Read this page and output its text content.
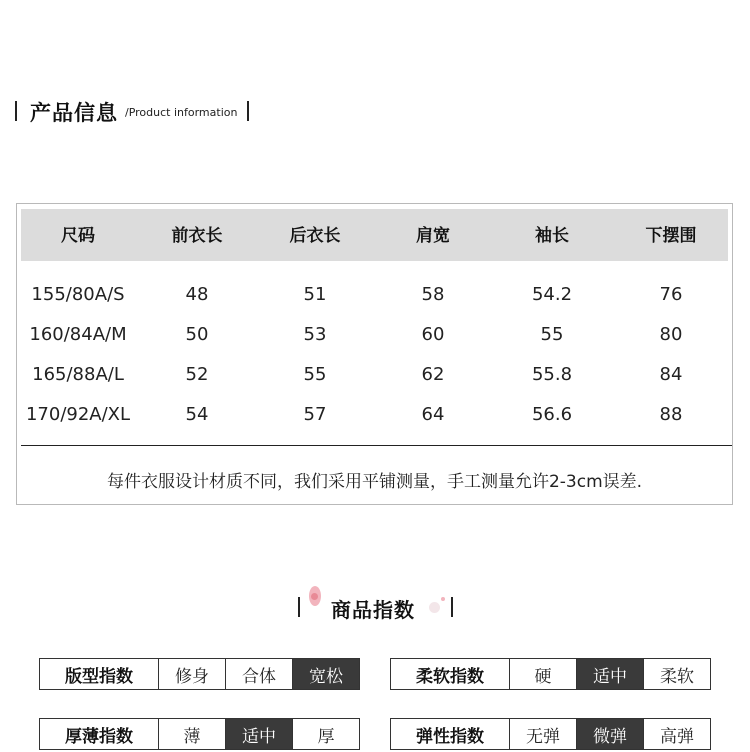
产品信息 /Product information
尺码	前衣长	后衣长	肩宽	袖长	下摆围
155/80A/S	48	51	58	54.2	76
160/84A/M	50	53	60	55	80
165/88A/L	52	55	62	55.8	84
170/92A/XL	54	57	64	56.6	88
每件衣服设计材质不同，我们采用平铺测量，手工测量允许2-3cm误差.
商品指数
版型指数	修身	合体	宽松	柔软指数	硬	适中	柔软
厚薄指数	薄	适中	厚	弹性指数	无弹	微弹	高弹
